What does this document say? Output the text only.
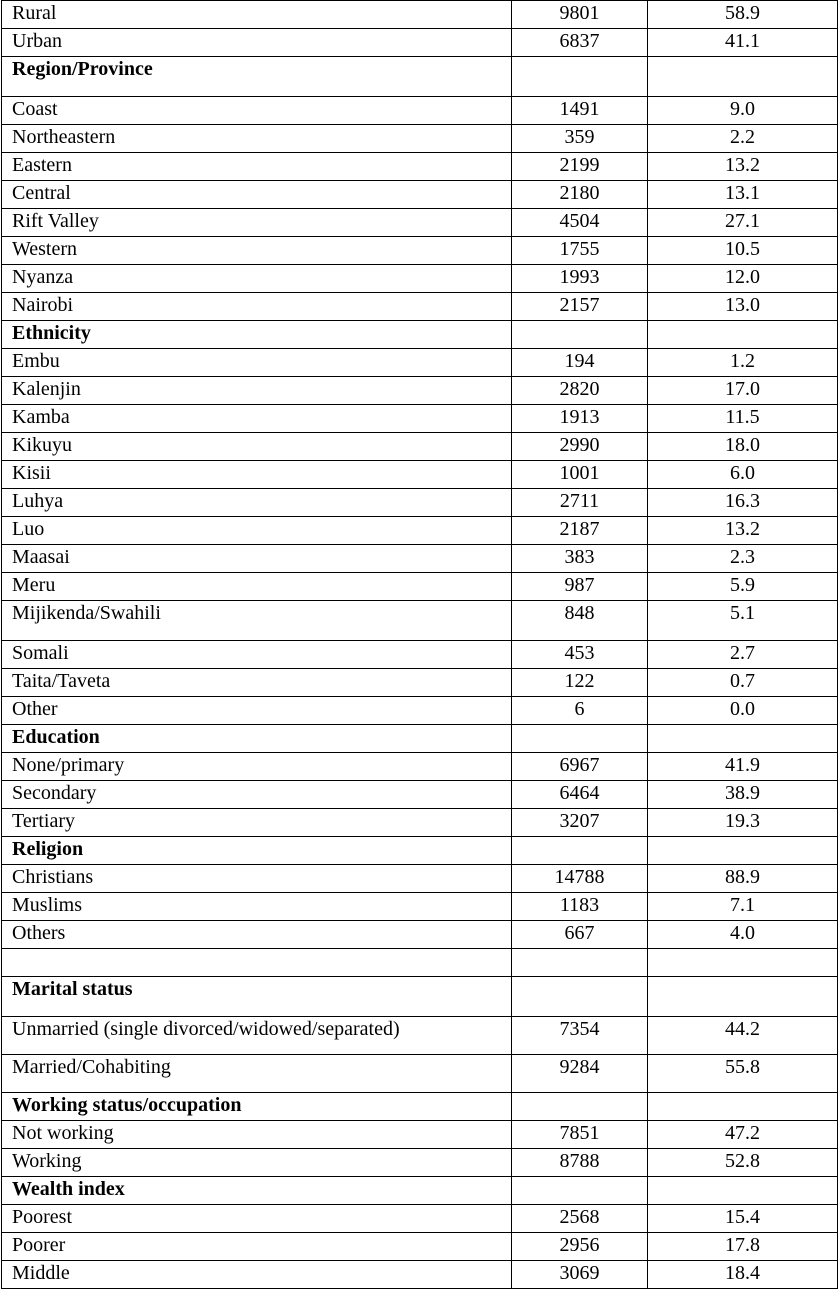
Rural	9801	58.9
Urban	6837	41.1
Region/Province		
Coast	1491	9.0
Northeastern	359	2.2
Eastern	2199	13.2
Central	2180	13.1
Rift Valley	4504	27.1
Western	1755	10.5
Nyanza	1993	12.0
Nairobi	2157	13.0
Ethnicity		
Embu	194	1.2
Kalenjin	2820	17.0
Kamba	1913	11.5
Kikuyu	2990	18.0
Kisii	1001	6.0
Luhya	2711	16.3
Luo	2187	13.2
Maasai	383	2.3
Meru	987	5.9
Mijikenda/Swahili	848	5.1
Somali	453	2.7
Taita/Taveta	122	0.7
Other	6	0.0
Education		
None/primary	6967	41.9
Secondary	6464	38.9
Tertiary	3207	19.3
Religion		
Christians	14788	88.9
Muslims	1183	7.1
Others	667	4.0

Marital status		
Unmarried (single divorced/widowed/separated)	7354	44.2
Married/Cohabiting	9284	55.8
Working status/occupation		
Not working	7851	47.2
Working	8788	52.8
Wealth index		
Poorest	2568	15.4
Poorer	2956	17.8
Middle	3069	18.4
